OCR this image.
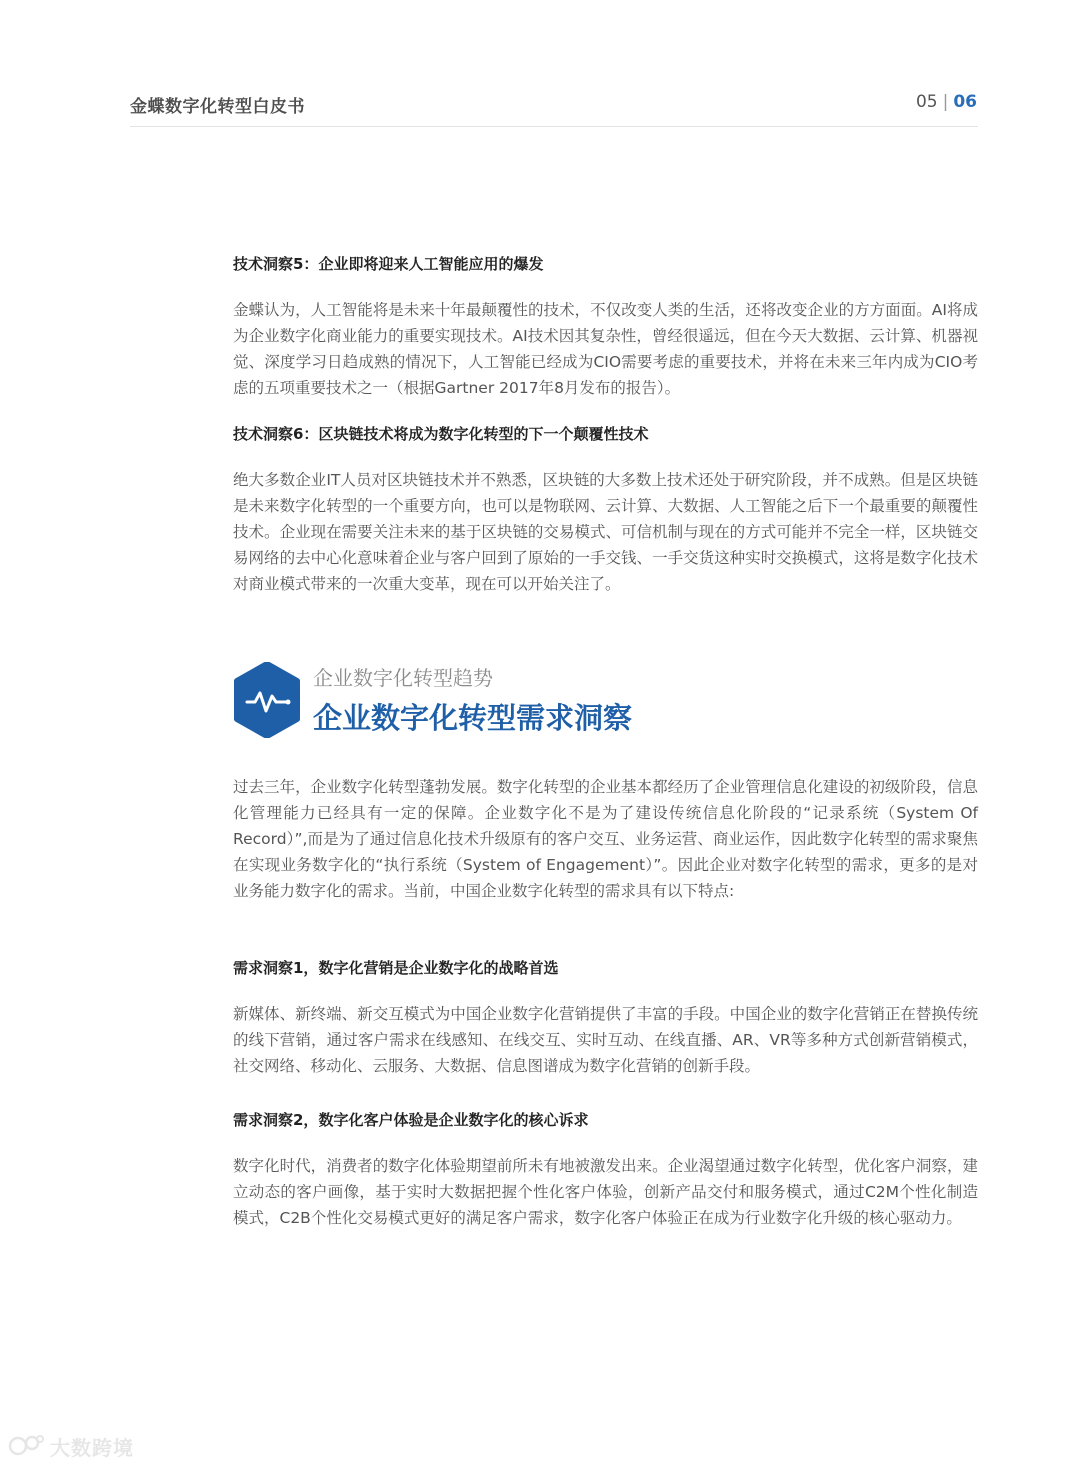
金蝶数字化转型白皮书	05 | 06
技术洞察5：企业即将迎来人工智能应用的爆发

金蝶认为，人工智能将是未来十年最颠覆性的技术，不仅改变人类的生活，还将改变企业的方方面面。AI将成为企业数字化商业能力的重要实现技术。AI技术因其复杂性，曾经很遥远，但在今天大数据、云计算、机器视觉、深度学习日趋成熟的情况下，人工智能已经成为CIO需要考虑的重要技术，并将在未来三年内成为CIO考虑的五项重要技术之一（根据Gartner 2017年8月发布的报告）。

技术洞察6：区块链技术将成为数字化转型的下一个颠覆性技术

绝大多数企业IT人员对区块链技术并不熟悉，区块链的大多数上技术还处于研究阶段，并不成熟。但是区块链是未来数字化转型的一个重要方向，也可以是物联网、云计算、大数据、人工智能之后下一个最重要的颠覆性技术。企业现在需要关注未来的基于区块链的交易模式、可信机制与现在的方式可能并不完全一样，区块链交易网络的去中心化意味着企业与客户回到了原始的一手交钱、一手交货这种实时交换模式，这将是数字化技术对商业模式带来的一次重大变革，现在可以开始关注了。

企业数字化转型趋势
企业数字化转型需求洞察

过去三年，企业数字化转型蓬勃发展。数字化转型的企业基本都经历了企业管理信息化建设的初级阶段，信息化管理能力已经具有一定的保障。企业数字化不是为了建设传统信息化阶段的“记录系统（System Of Record）”,而是为了通过信息化技术升级原有的客户交互、业务运营、商业运作，因此数字化转型的需求聚焦在实现业务数字化的“执行系统（System of Engagement）”。因此企业对数字化转型的需求，更多的是对业务能力数字化的需求。当前，中国企业数字化转型的需求具有以下特点:

需求洞察1，数字化营销是企业数字化的战略首选

新媒体、新终端、新交互模式为中国企业数字化营销提供了丰富的手段。中国企业的数字化营销正在替换传统的线下营销，通过客户需求在线感知、在线交互、实时互动、在线直播、AR、VR等多种方式创新营销模式，社交网络、移动化、云服务、大数据、信息图谱成为数字化营销的创新手段。

需求洞察2，数字化客户体验是企业数字化的核心诉求

数字化时代，消费者的数字化体验期望前所未有地被激发出来。企业渴望通过数字化转型，优化客户洞察，建立动态的客户画像，基于实时大数据把握个性化客户体验，创新产品交付和服务模式，通过C2M个性化制造模式，C2B个性化交易模式更好的满足客户需求，数字化客户体验正在成为行业数字化升级的核心驱动力。

大数跨境
